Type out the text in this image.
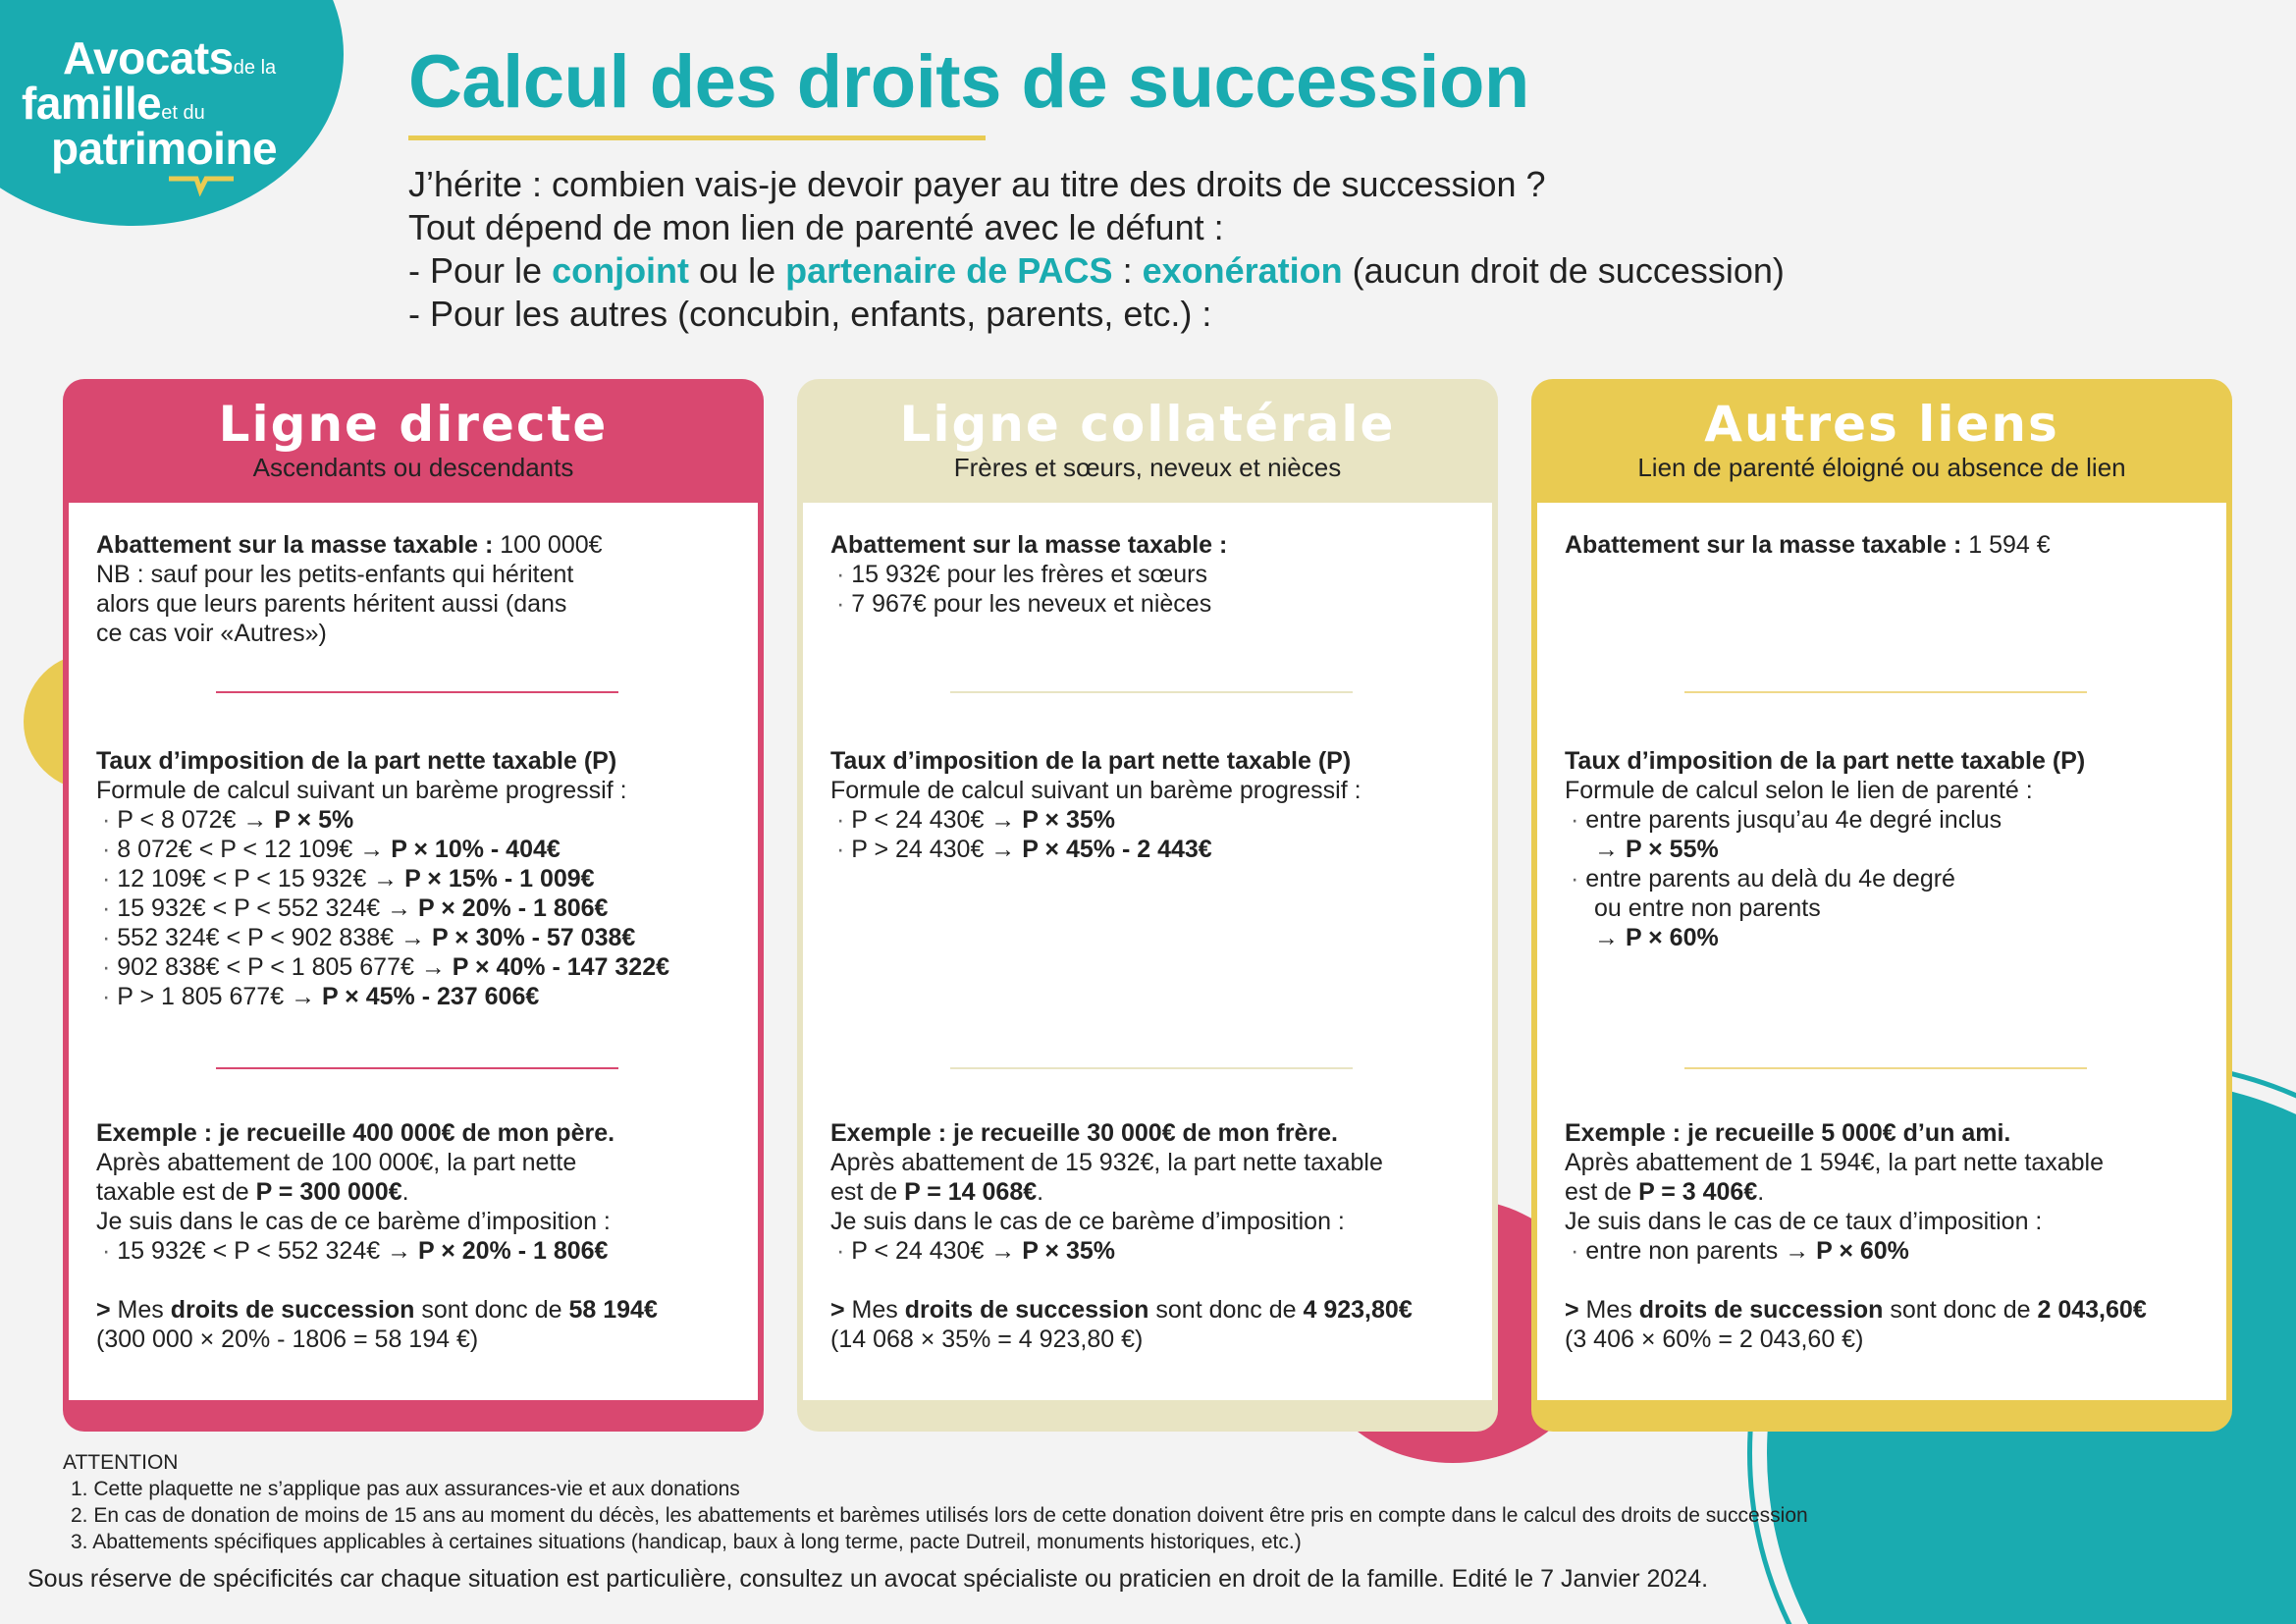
Avocatsde la
familleet du
patrimoine
Calcul des droits de succession
J’hérite : combien vais-je devoir payer au titre des droits de succession ?
Tout dépend de mon lien de parenté avec le défunt :
- Pour le conjoint ou le partenaire de PACS : exonération (aucun droit de succession)
- Pour les autres (concubin, enfants, parents, etc.) :
Ligne directe
Ascendants ou descendants
Abattement sur la masse taxable : 100 000€
NB : sauf pour les petits-enfants qui héritent
alors que leurs parents héritent aussi (dans
ce cas voir «Autres»)
Taux d’imposition de la part nette taxable (P)
Formule de calcul suivant un barème progressif :
· P < 8 072€ → P × 5%
· 8 072€ < P < 12 109€ → P × 10% - 404€
· 12 109€ < P < 15 932€ → P × 15% - 1 009€
· 15 932€ < P < 552 324€ → P × 20% - 1 806€
· 552 324€ < P < 902 838€ → P × 30% - 57 038€
· 902 838€ < P < 1 805 677€ → P × 40% - 147 322€
· P > 1 805 677€ → P × 45% - 237 606€
Exemple : je recueille 400 000€ de mon père.
Après abattement de 100 000€, la part nette
taxable est de P = 300 000€.
Je suis dans le cas de ce barème d’imposition :
· 15 932€ < P < 552 324€ → P × 20% - 1 806€
> Mes droits de succession sont donc de 58 194€
(300 000 × 20% - 1806 = 58 194 €)
Ligne collatérale
Frères et sœurs, neveux et nièces
Abattement sur la masse taxable :
· 15 932€ pour les frères et sœurs
· 7 967€ pour les neveux et nièces
Taux d’imposition de la part nette taxable (P)
Formule de calcul suivant un barème progressif :
· P < 24 430€ → P × 35%
· P > 24 430€ → P × 45% - 2 443€
Exemple : je recueille 30 000€ de mon frère.
Après abattement de 15 932€, la part nette taxable
est de P = 14 068€.
Je suis dans le cas de ce barème d’imposition :
· P < 24 430€ → P × 35%
> Mes droits de succession sont donc de 4 923,80€
(14 068 × 35% = 4 923,80 €)
Autres liens
Lien de parenté éloigné ou absence de lien
Abattement sur la masse taxable : 1 594 €
Taux d’imposition de la part nette taxable (P)
Formule de calcul selon le lien de parenté :
· entre parents jusqu’au 4e degré inclus
→ P × 55%
· entre parents au delà du 4e degré
ou entre non parents
→ P × 60%
Exemple : je recueille 5 000€ d’un ami.
Après abattement de 1 594€, la part nette taxable
est de P = 3 406€.
Je suis dans le cas de ce taux d’imposition :
· entre non parents → P × 60%
> Mes droits de succession sont donc de 2 043,60€
(3 406 × 60% = 2 043,60 €)
ATTENTION
1. Cette plaquette ne s’applique pas aux assurances-vie et aux donations
2. En cas de donation de moins de 15 ans au moment du décès, les abattements et barèmes utilisés lors de cette donation doivent être pris en compte dans le calcul des droits de succession
3. Abattements spécifiques applicables à certaines situations (handicap, baux à long terme, pacte Dutreil, monuments historiques, etc.)
Sous réserve de spécificités car chaque situation est particulière, consultez un avocat spécialiste ou praticien en droit de la famille. Edité le 7 Janvier 2024.
